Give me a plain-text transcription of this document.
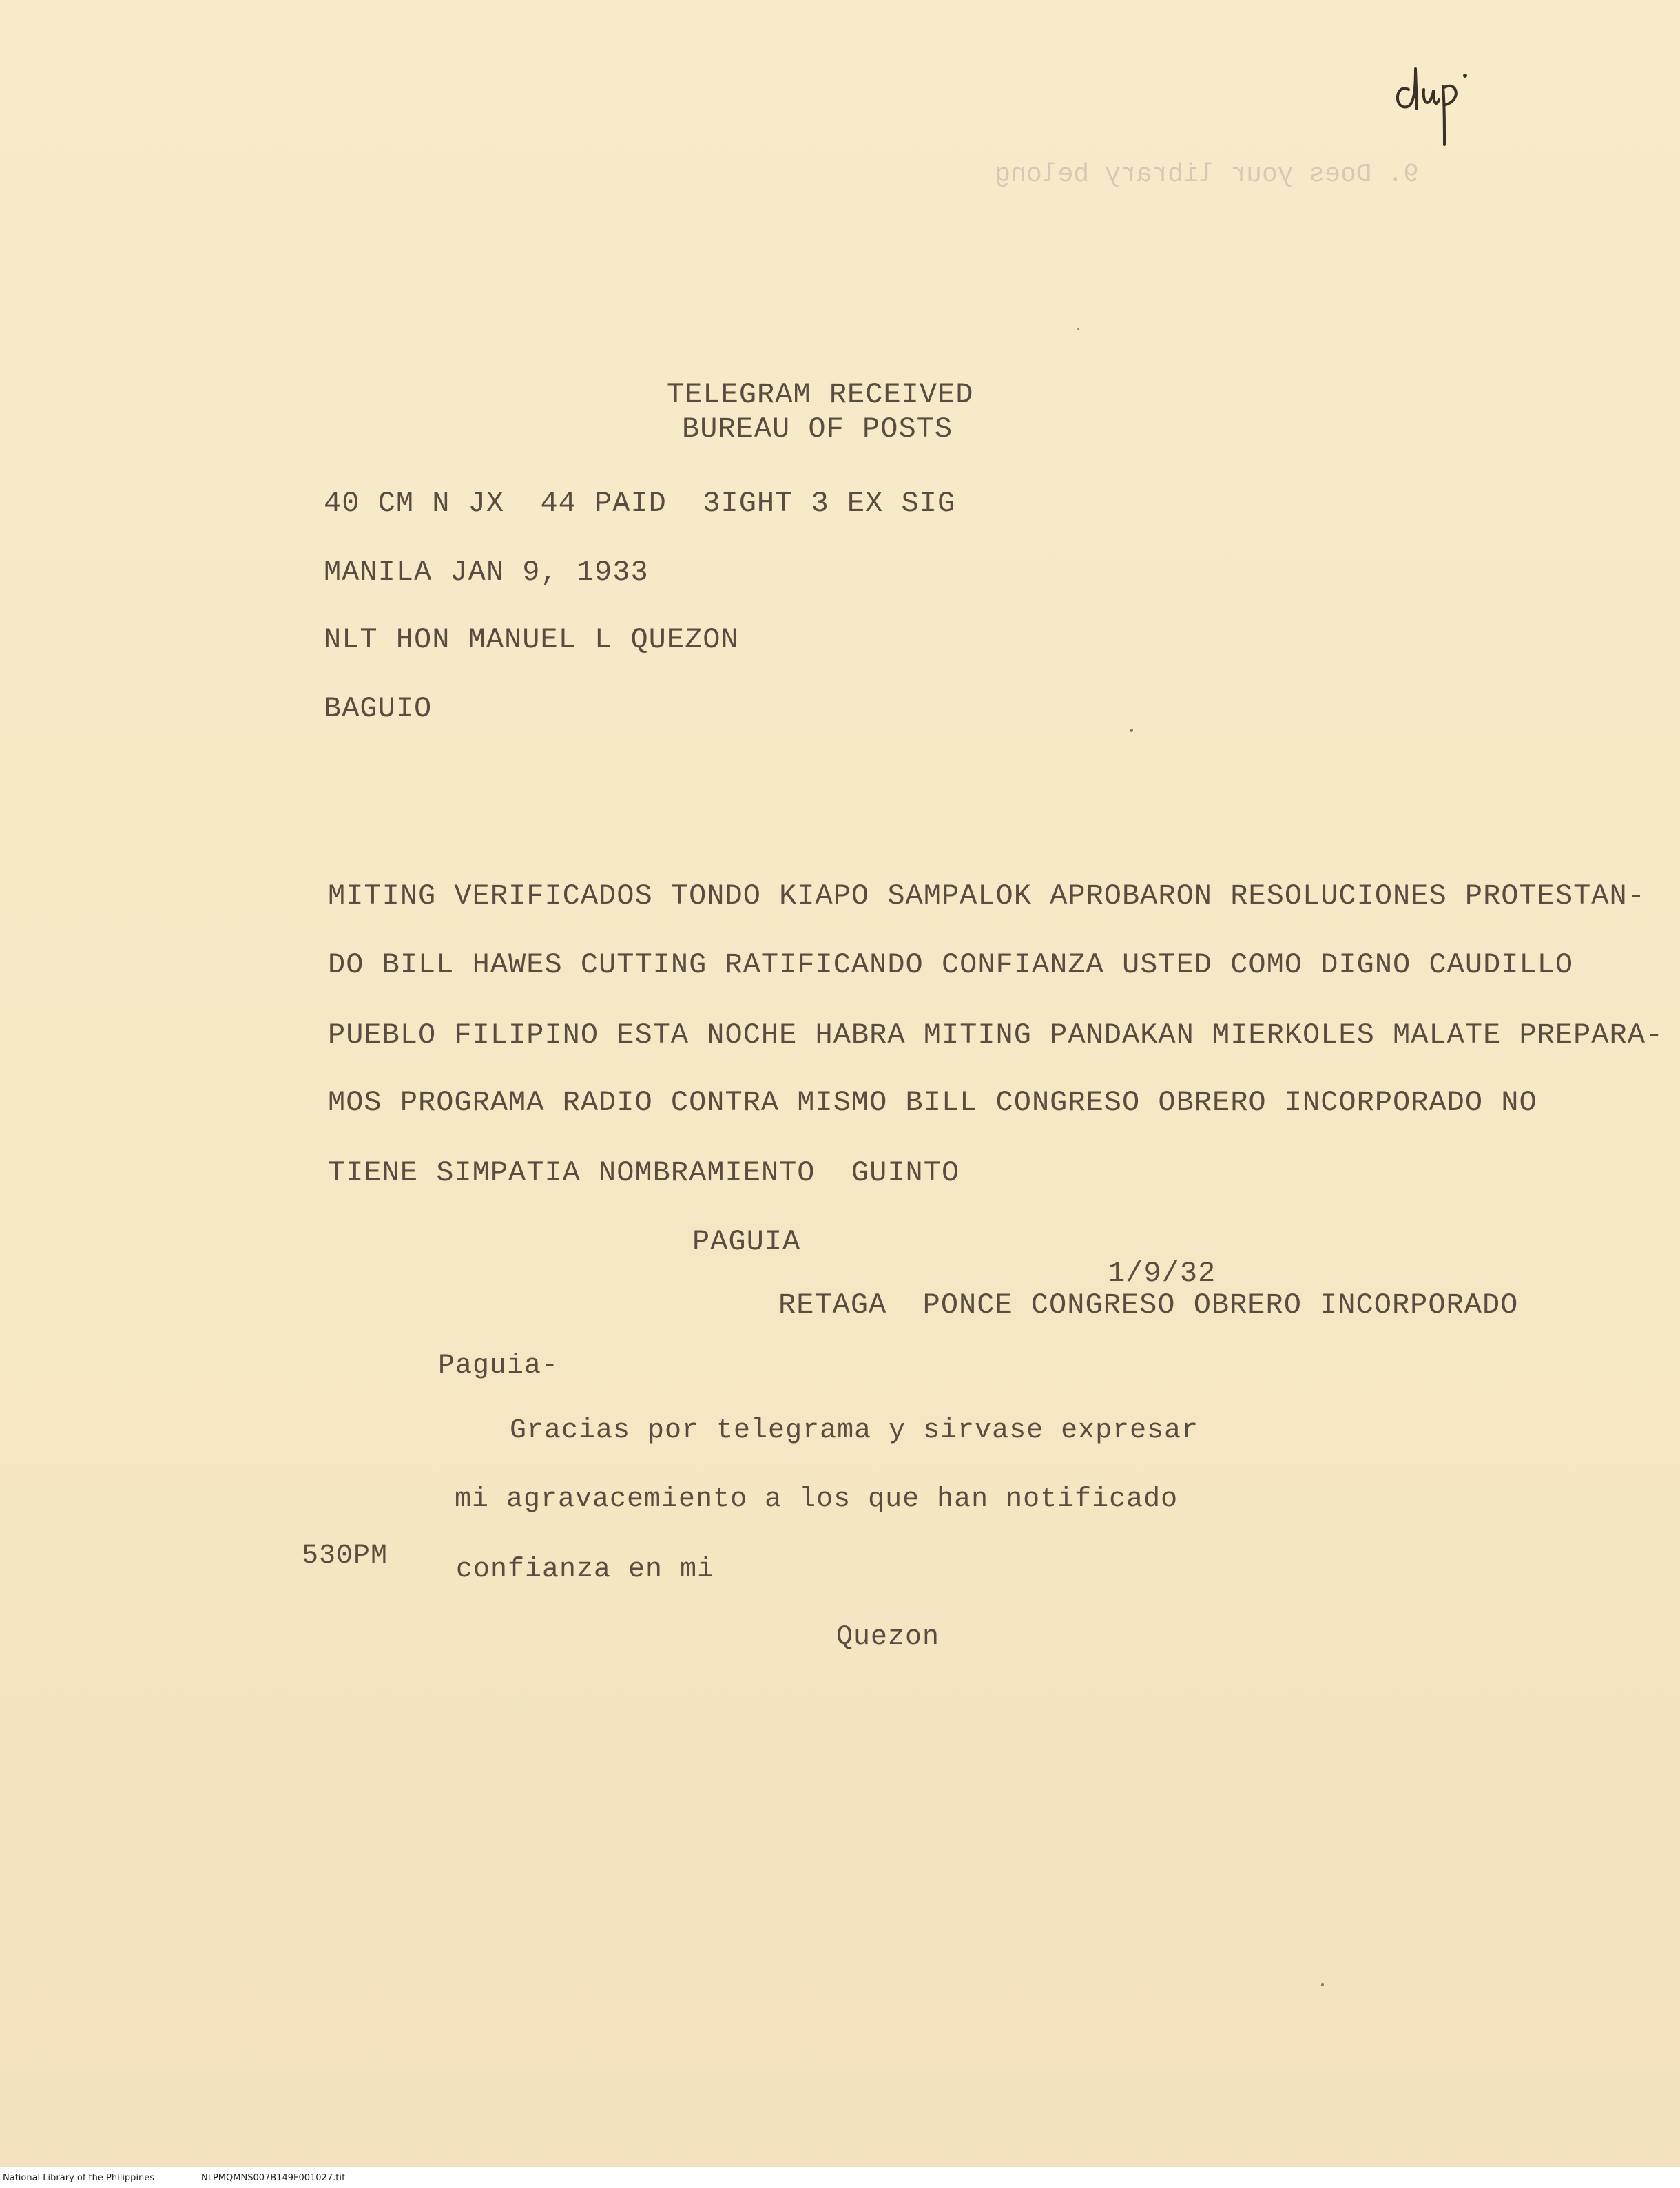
9. Does your library belong
TELEGRAM RECEIVED
BUREAU OF POSTS
40 CM N JX  44 PAID  3IGHT 3 EX SIG
MANILA JAN 9, 1933
NLT HON MANUEL L QUEZON
BAGUIO
MITING VERIFICADOS TONDO KIAPO SAMPALOK APROBARON RESOLUCIONES PROTESTAN-
DO BILL HAWES CUTTING RATIFICANDO CONFIANZA USTED COMO DIGNO CAUDILLO
PUEBLO FILIPINO ESTA NOCHE HABRA MITING PANDAKAN MIERKOLES MALATE PREPARA-
MOS PROGRAMA RADIO CONTRA MISMO BILL CONGRESO OBRERO INCORPORADO NO
TIENE SIMPATIA NOMBRAMIENTO  GUINTO
PAGUIA
1/9/32
RETAGA  PONCE CONGRESO OBRERO INCORPORADO
Paguia-
Gracias por telegrama y sirvase expresar
mi agravacemiento a los que han notificado
530PM confianza en mi
Quezon
National Library of the Philippines	NLPMQMNS007B149F001027.tif
